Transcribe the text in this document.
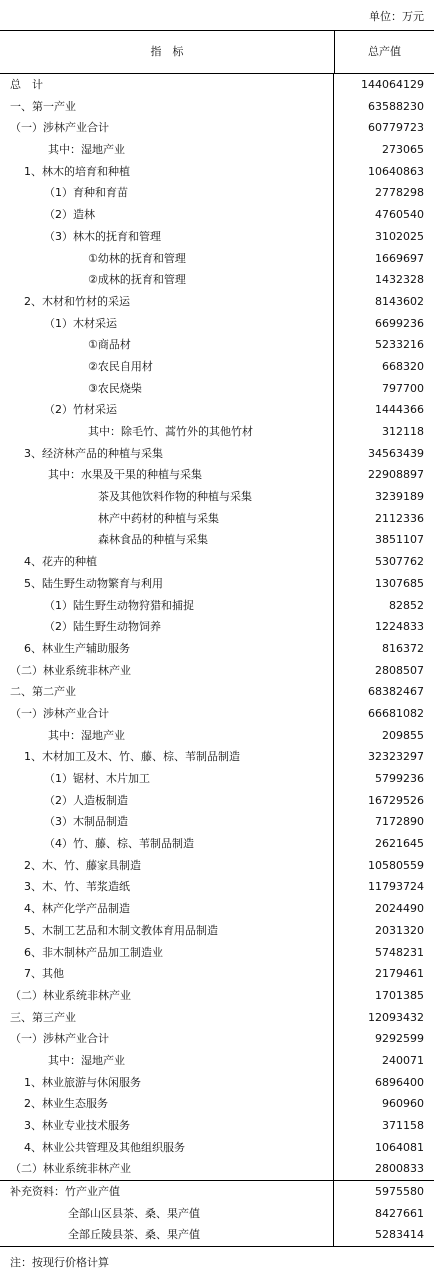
单位：万元
指　标	总产值
总　计	144064129
一、第一产业	63588230
（一）涉林产业合计	60779723
其中：湿地产业	273065
1、林木的培育和种植	10640863
（1）育种和育苗	2778298
（2）造林	4760540
（3）林木的抚育和管理	3102025
①幼林的抚育和管理	1669697
②成林的抚育和管理	1432328
2、木材和竹材的采运	8143602
（1）木材采运	6699236
①商品材	5233216
②农民自用材	668320
③农民烧柴	797700
（2）竹材采运	1444366
其中：除毛竹、蒿竹外的其他竹材	312118
3、经济林产品的种植与采集	34563439
其中：水果及干果的种植与采集	22908897
茶及其他饮料作物的种植与采集	3239189
林产中药材的种植与采集	2112336
森林食品的种植与采集	3851107
4、花卉的种植	5307762
5、陆生野生动物繁育与利用	1307685
（1）陆生野生动物狩猎和捕捉	82852
（2）陆生野生动物饲养	1224833
6、林业生产辅助服务	816372
（二）林业系统非林产业	2808507
二、第二产业	68382467
（一）涉林产业合计	66681082
其中：湿地产业	209855
1、木材加工及木、竹、藤、棕、苇制品制造	32323297
（1）锯材、木片加工	5799236
（2）人造板制造	16729526
（3）木制品制造	7172890
（4）竹、藤、棕、苇制品制造	2621645
2、木、竹、藤家具制造	10580559
3、木、竹、苇浆造纸	11793724
4、林产化学产品制造	2024490
5、木制工艺品和木制文教体育用品制造	2031320
6、非木制林产品加工制造业	5748231
7、其他	2179461
（二）林业系统非林产业	1701385
三、第三产业	12093432
（一）涉林产业合计	9292599
其中：湿地产业	240071
1、林业旅游与休闲服务	6896400
2、林业生态服务	960960
3、林业专业技术服务	371158
4、林业公共管理及其他组织服务	1064081
（二）林业系统非林产业	2800833
补充资料：竹产业产值	5975580
全部山区县茶、桑、果产值	8427661
全部丘陵县茶、桑、果产值	5283414
注：按现行价格计算
